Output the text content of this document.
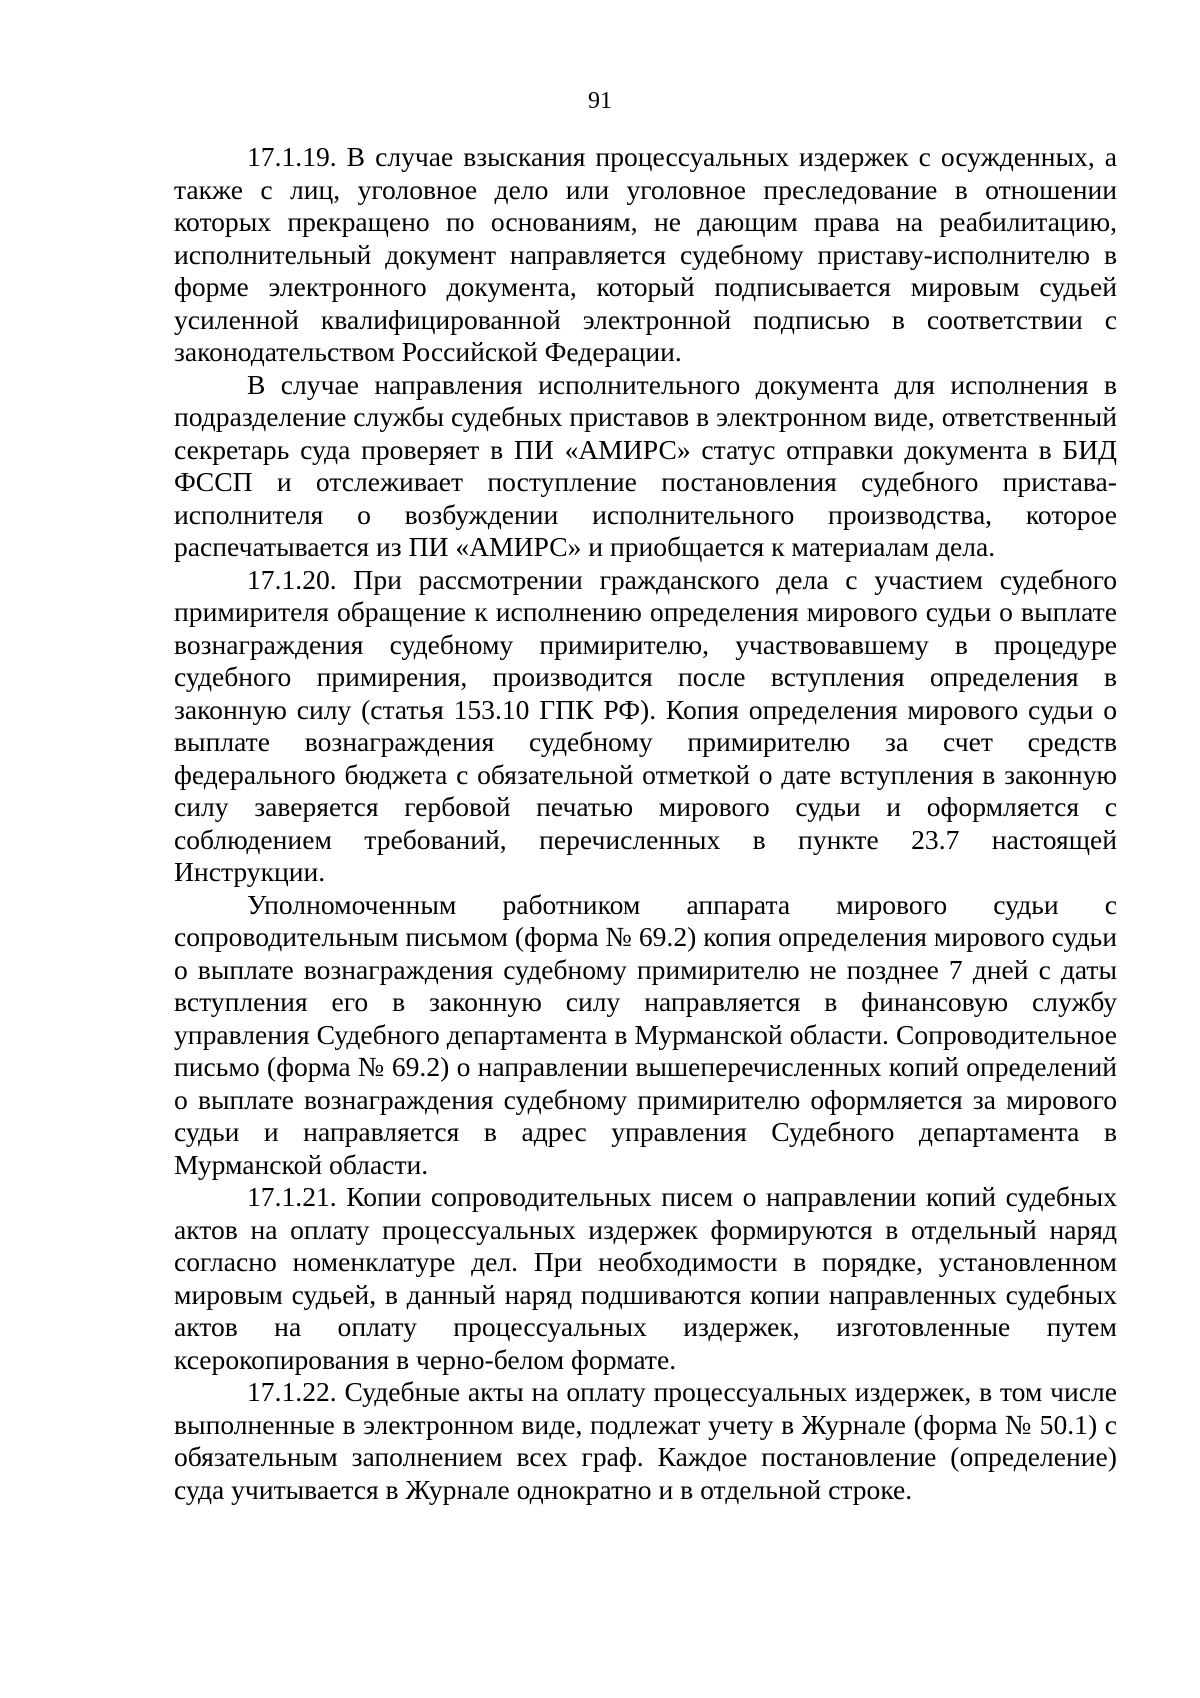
91

17.1.19. В случае взыскания процессуальных издержек с осужденных, а также с лиц, уголовное дело или уголовное преследование в отношении которых прекращено по основаниям, не дающим права на реабилитацию, исполнительный документ направляется судебному приставу-исполнителю в форме электронного документа, который подписывается мировым судьей усиленной квалифицированной электронной подписью в соответствии с законодательством Российской Федерации.

В случае направления исполнительного документа для исполнения в подразделение службы судебных приставов в электронном виде, ответственный секретарь суда проверяет в ПИ «АМИРС» статус отправки документа в БИД ФССП и отслеживает поступление постановления судебного пристава-исполнителя о возбуждении исполнительного производства, которое распечатывается из ПИ «АМИРС» и приобщается к материалам дела.

17.1.20. При рассмотрении гражданского дела с участием судебного примирителя обращение к исполнению определения мирового судьи о выплате вознаграждения судебному примирителю, участвовавшему в процедуре судебного примирения, производится после вступления определения в законную силу (статья 153.10 ГПК РФ). Копия определения мирового судьи о выплате вознаграждения судебному примирителю за счет средств федерального бюджета с обязательной отметкой о дате вступления в законную силу заверяется гербовой печатью мирового судьи и оформляется с соблюдением требований, перечисленных в пункте 23.7 настоящей Инструкции.

Уполномоченным работником аппарата мирового судьи с сопроводительным письмом (форма № 69.2) копия определения мирового судьи о выплате вознаграждения судебному примирителю не позднее 7 дней с даты вступления его в законную силу направляется в финансовую службу управления Судебного департамента в Мурманской области. Сопроводительное письмо (форма № 69.2) о направлении вышеперечисленных копий определений о выплате вознаграждения судебному примирителю оформляется за мирового судьи и направляется в адрес управления Судебного департамента в Мурманской области.

17.1.21. Копии сопроводительных писем о направлении копий судебных актов на оплату процессуальных издержек формируются в отдельный наряд согласно номенклатуре дел. При необходимости в порядке, установленном мировым судьей, в данный наряд подшиваются копии направленных судебных актов на оплату процессуальных издержек, изготовленные путем ксерокопирования в черно-белом формате.

17.1.22. Судебные акты на оплату процессуальных издержек, в том числе выполненные в электронном виде, подлежат учету в Журнале (форма № 50.1) с обязательным заполнением всех граф. Каждое постановление (определение) суда учитывается в Журнале однократно и в отдельной строке.
